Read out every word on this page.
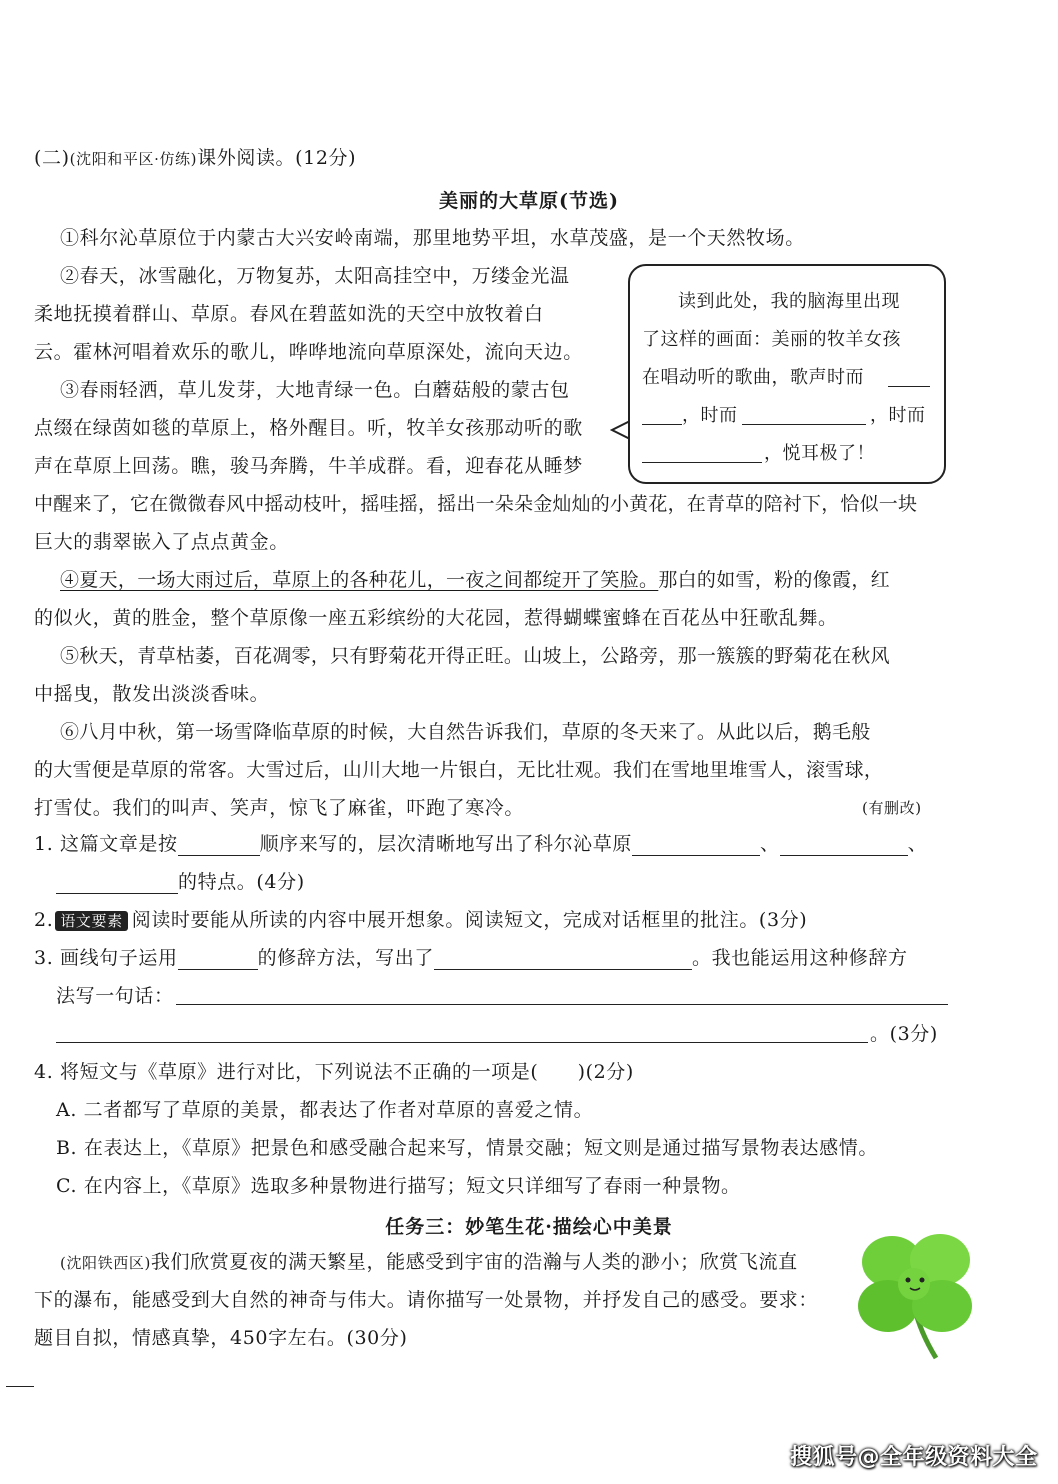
(二)(沈阳和平区·仿练)课外阅读。(12分)
美丽的大草原(节选)
①科尔沁草原位于内蒙古大兴安岭南端，那里地势平坦，水草茂盛，是一个天然牧场。
②春天，冰雪融化，万物复苏，太阳高挂空中，万缕金光温
柔地抚摸着群山、草原。春风在碧蓝如洗的天空中放牧着白
云。霍林河唱着欢乐的歌儿，哗哗地流向草原深处，流向天边。
③春雨轻洒，草儿发芽，大地青绿一色。白蘑菇般的蒙古包
点缀在绿茵如毯的草原上，格外醒目。听，牧羊女孩那动听的歌
声在草原上回荡。瞧，骏马奔腾，牛羊成群。看，迎春花从睡梦
中醒来了，它在微微春风中摇动枝叶，摇哇摇，摇出一朵朵金灿灿的小黄花，在青草的陪衬下，恰似一块
巨大的翡翠嵌入了点点黄金。
④夏天，一场大雨过后，草原上的各种花儿，一夜之间都绽开了笑脸。那白的如雪，粉的像霞，红
的似火，黄的胜金，整个草原像一座五彩缤纷的大花园，惹得蝴蝶蜜蜂在百花丛中狂歌乱舞。
⑤秋天，青草枯萎，百花凋零，只有野菊花开得正旺。山坡上，公路旁，那一簇簇的野菊花在秋风
中摇曳，散发出淡淡香味。
⑥八月中秋，第一场雪降临草原的时候，大自然告诉我们，草原的冬天来了。从此以后，鹅毛般
的大雪便是草原的常客。大雪过后，山川大地一片银白，无比壮观。我们在雪地里堆雪人，滚雪球，
打雪仗。我们的叫声、笑声，惊飞了麻雀，吓跑了寒冷。	(有删改)
读到此处，我的脑海里出现
了这样的画面：美丽的牧羊女孩
在唱动听的歌曲，歌声时而
，时而	，时而
，悦耳极了！
1. 这篇文章是按	顺序来写的，层次清晰地写出了科尔沁草原	、	、
的特点。(4分)
2. 语文要素 阅读时要能从所读的内容中展开想象。阅读短文，完成对话框里的批注。(3分)
3. 画线句子运用	的修辞方法，写出了	。我也能运用这种修辞方
法写一句话：
。(3分)
4. 将短文与《草原》进行对比，下列说法不正确的一项是(　　)(2分)
A. 二者都写了草原的美景，都表达了作者对草原的喜爱之情。
B. 在表达上，《草原》把景色和感受融合起来写，情景交融；短文则是通过描写景物表达感情。
C. 在内容上，《草原》选取多种景物进行描写；短文只详细写了春雨一种景物。
任务三：妙笔生花·描绘心中美景
(沈阳铁西区)我们欣赏夏夜的满天繁星，能感受到宇宙的浩瀚与人类的渺小；欣赏飞流直
下的瀑布，能感受到大自然的神奇与伟大。请你描写一处景物，并抒发自己的感受。要求：
题目自拟，情感真挚，450字左右。(30分)
搜狐号@全年级资料大全
